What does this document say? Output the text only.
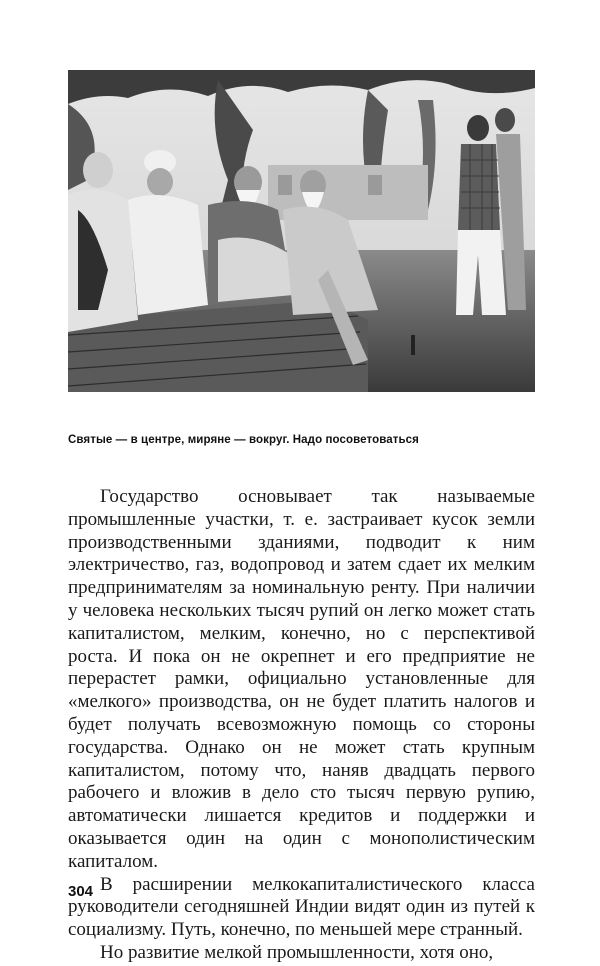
Святые — в центре, миряне — вокруг. Надо посоветоваться

Государство основывает так называемые промышленные участки, т. е. застраивает кусок земли производственными зданиями, подводит к ним электричество, газ, водопровод и затем сдает их мелким предпринимателям за номинальную ренту. При наличии у человека нескольких тысяч рупий он легко может стать капиталистом, мелким, конечно, но с перспективой роста. И пока он не окрепнет и его предприятие не перерастет рамки, официально установленные для «мелкого» производства, он не будет платить налогов и будет получать всевозможную помощь со стороны государства. Однако он не может стать крупным капиталистом, потому что, наняв двадцать первого рабочего и вложив в дело сто тысяч первую рупию, автоматически лишается кредитов и поддержки и оказывается один на один с монополистическим капиталом.

В расширении мелкокапиталистического класса руководители сегодняшней Индии видят один из путей к социализму. Путь, конечно, по меньшей мере странный.

Но развитие мелкой промышленности, хотя оно,

304
